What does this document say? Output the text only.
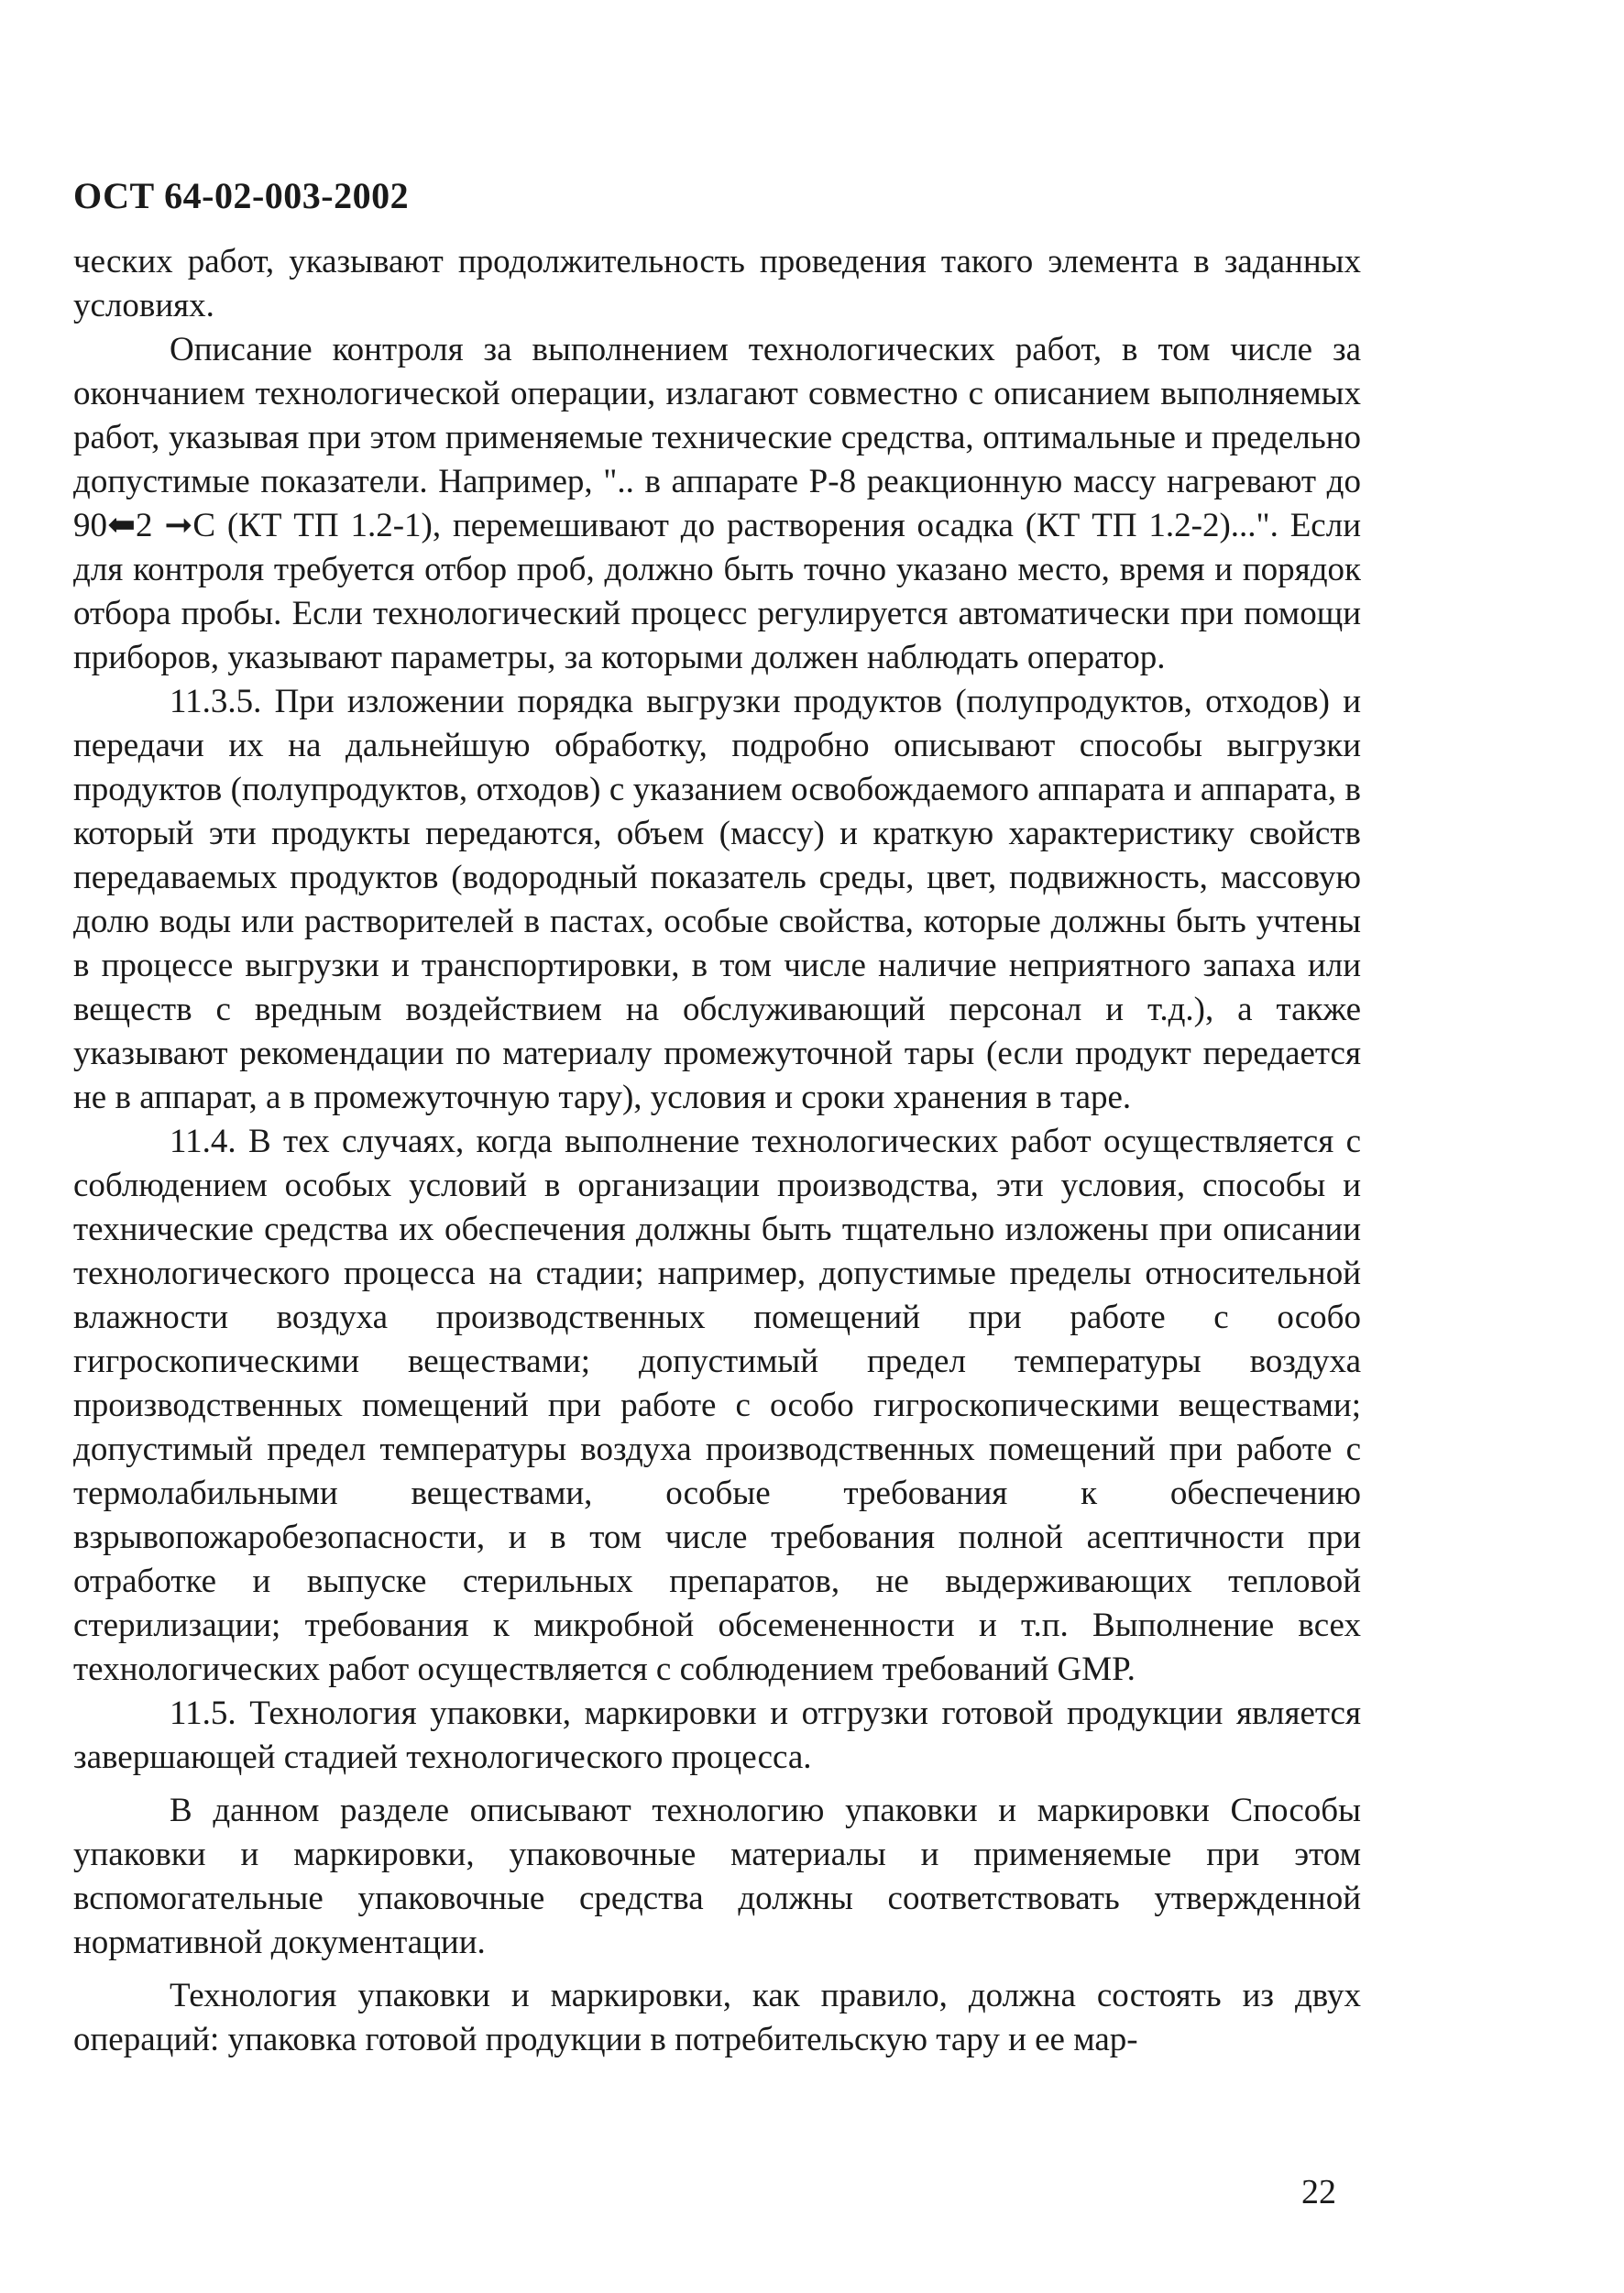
ОСТ 64-02-003-2002

ческих работ, указывают продолжительность проведения такого элемента в заданных условиях.

Описание контроля за выполнением технологических работ, в том числе за окончанием технологической операции, излагают совместно с описанием выполняемых работ, указывая при этом применяемые технические средства, оптимальные и предельно допустимые показатели. Например, ".. в аппарате Р-8 реакционную массу нагревают до 90⬅2 ➞С (КТ ТП 1.2-1), перемешивают до растворения осадка (КТ ТП 1.2-2)...". Если для контроля требуется отбор проб, должно быть точно указано место, время и порядок отбора пробы. Если технологический процесс регулируется автоматически при помощи приборов, указывают параметры, за которыми должен наблюдать оператор.

11.3.5. При изложении порядка выгрузки продуктов (полупродуктов, отходов) и передачи их на дальнейшую обработку, подробно описывают способы выгрузки продуктов (полупродуктов, отходов) с указанием освобождаемого аппарата и аппарата, в который эти продукты передаются, объем (массу) и краткую характеристику свойств передаваемых продуктов (водородный показатель среды, цвет, подвижность, массовую долю воды или растворителей в пастах, особые свойства, которые должны быть учтены в процессе выгрузки и транспортировки, в том числе наличие неприятного запаха или веществ с вредным воздействием на обслуживающий персонал и т.д.), а также указывают рекомендации по материалу промежуточной тары (если продукт передается не в аппарат, а в промежуточную тару), условия и сроки хранения в таре.

11.4. В тех случаях, когда выполнение технологических работ осуществляется с соблюдением особых условий в организации производства, эти условия, способы и технические средства их обеспечения должны быть тщательно изложены при описании технологического процесса на стадии; например, допустимые пределы относительной влажности воздуха производственных помещений при работе с особо гигроскопическими веществами; допустимый предел температуры воздуха производственных помещений при работе с особо гигроскопическими веществами; допустимый предел температуры воздуха производственных помещений при работе с термолабильными веществами, особые требования к обеспечению взрывопожаробезопасности, и в том числе требования полной асептичности при отработке и выпуске стерильных препаратов, не выдерживающих тепловой стерилизации; требования к микробной обсемененности и т.п. Выполнение всех технологических работ осуществляется с соблюдением требований GMP.

11.5. Технология упаковки, маркировки и отгрузки готовой продукции является завершающей стадией технологического процесса.

В данном разделе описывают технологию упаковки и маркировки Способы упаковки и маркировки, упаковочные материалы и применяемые при этом вспомогательные упаковочные средства должны соответствовать утвержденной нормативной документации.

Технология упаковки и маркировки, как правило, должна состоять из двух операций: упаковка готовой продукции в потребительскую тару и ее мар-

22
